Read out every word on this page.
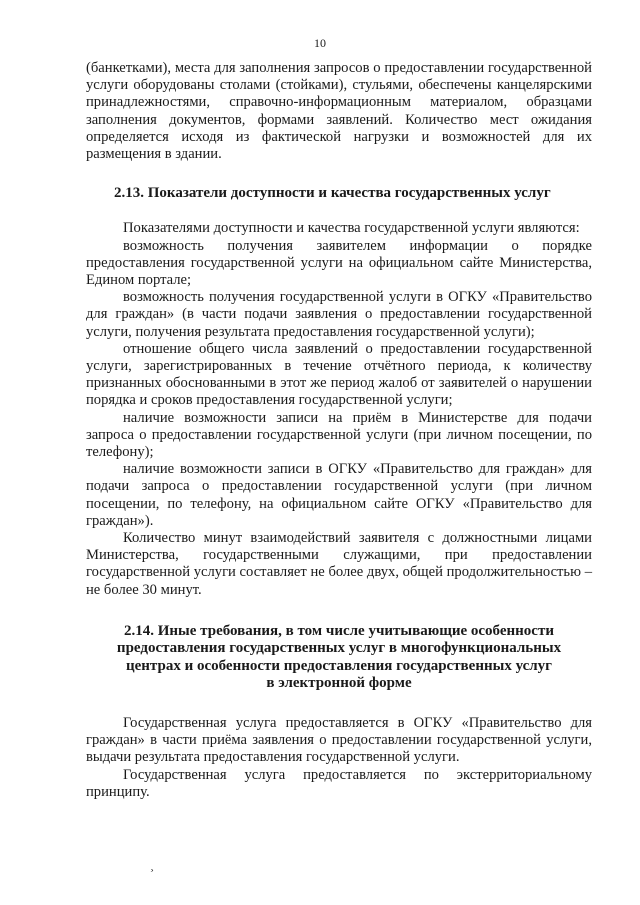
10

(банкетками), места для заполнения запросов о предоставлении государственной услуги оборудованы столами (стойками), стульями, обеспечены канцелярскими принадлежностями, справочно-информационным материалом, образцами заполнения документов, формами заявлений. Количество мест ожидания определяется исходя из фактической нагрузки и возможностей для их размещения в здании.

2.13. Показатели доступности и качества государственных услуг

Показателями доступности и качества государственной услуги являются:

возможность получения заявителем информации о порядке предоставления государственной услуги на официальном сайте Министерства, Едином портале;

возможность получения государственной услуги в ОГКУ «Правительство для граждан» (в части подачи заявления о предоставлении государственной услуги, получения результата предоставления государственной услуги);

отношение общего числа заявлений о предоставлении государственной услуги, зарегистрированных в течение отчётного периода, к количеству признанных обоснованными в этот же период жалоб от заявителей о нарушении порядка и сроков предоставления государственной услуги;

наличие возможности записи на приём в Министерстве для подачи запроса о предоставлении государственной услуги (при личном посещении, по телефону);

наличие возможности записи в ОГКУ «Правительство для граждан» для подачи запроса о предоставлении государственной услуги (при личном посещении, по телефону, на официальном сайте ОГКУ «Правительство для граждан»).

Количество минут взаимодействий заявителя с должностными лицами Министерства, государственными служащими, при предоставлении государственной услуги составляет не более двух, общей продолжительностью – не более 30 минут.

2.14. Иные требования, в том числе учитывающие особенности
предоставления государственных услуг в многофункциональных
центрах и особенности предоставления государственных услуг
в электронной форме

Государственная услуга предоставляется в ОГКУ «Правительство для граждан» в части приёма заявления о предоставлении государственной услуги, выдачи результата предоставления государственной услуги.

Государственная услуга предоставляется по экстерриториальному принципу.

¸
